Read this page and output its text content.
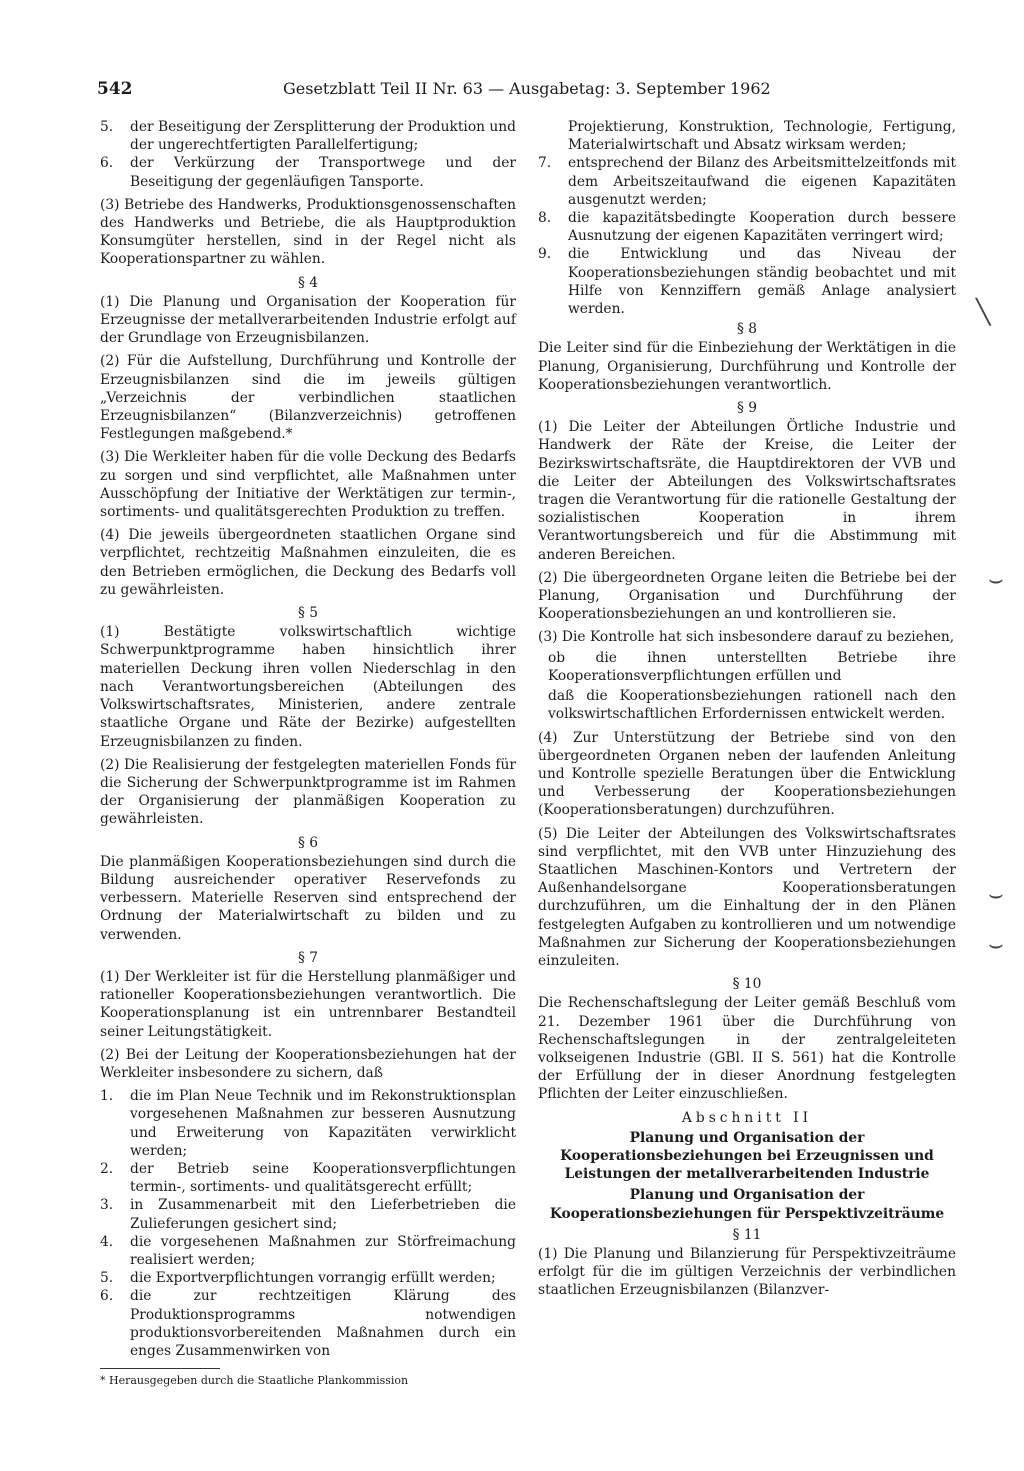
542	Gesetzblatt Teil II Nr. 63 — Ausgabetag: 3. September 1962
5.	der Beseitigung der Zersplitterung der Produktion und der ungerechtfertigten Parallelfertigung;
6.	der Verkürzung der Transportwege und der Beseitigung der gegenläufigen Tansporte.

(3) Betriebe des Handwerks, Produktionsgenossenschaften des Handwerks und Betriebe, die als Hauptproduktion Konsumgüter herstellen, sind in der Regel nicht als Kooperationspartner zu wählen.

§ 4

(1) Die Planung und Organisation der Kooperation für Erzeugnisse der metallverarbeitenden Industrie erfolgt auf der Grundlage von Erzeugnisbilanzen.

(2) Für die Aufstellung, Durchführung und Kontrolle der Erzeugnisbilanzen sind die im jeweils gültigen „Verzeichnis der verbindlichen staatlichen Erzeugnisbilanzen“ (Bilanzverzeichnis) getroffenen Festlegungen maßgebend.*

(3) Die Werkleiter haben für die volle Deckung des Bedarfs zu sorgen und sind verpflichtet, alle Maßnahmen unter Ausschöpfung der Initiative der Werktätigen zur termin-, sortiments- und qualitätsgerechten Produktion zu treffen.

(4) Die jeweils übergeordneten staatlichen Organe sind verpflichtet, rechtzeitig Maßnahmen einzuleiten, die es den Betrieben ermöglichen, die Deckung des Bedarfs voll zu gewährleisten.

§ 5

(1) Bestätigte volkswirtschaftlich wichtige Schwerpunktprogramme haben hinsichtlich ihrer materiellen Deckung ihren vollen Niederschlag in den nach Verantwortungsbereichen (Abteilungen des Volkswirtschaftsrates, Ministerien, andere zentrale staatliche Organe und Räte der Bezirke) aufgestellten Erzeugnisbilanzen zu finden.

(2) Die Realisierung der festgelegten materiellen Fonds für die Sicherung der Schwerpunktprogramme ist im Rahmen der Organisierung der planmäßigen Kooperation zu gewährleisten.

§ 6

Die planmäßigen Kooperationsbeziehungen sind durch die Bildung ausreichender operativer Reservefonds zu verbessern. Materielle Reserven sind entsprechend der Ordnung der Materialwirtschaft zu bilden und zu verwenden.

§ 7

(1) Der Werkleiter ist für die Herstellung planmäßiger und rationeller Kooperationsbeziehungen verantwortlich. Die Kooperationsplanung ist ein untrennbarer Bestandteil seiner Leitungstätigkeit.

(2) Bei der Leitung der Kooperationsbeziehungen hat der Werkleiter insbesondere zu sichern, daß

1.	die im Plan Neue Technik und im Rekonstruktionsplan vorgesehenen Maßnahmen zur besseren Ausnutzung und Erweiterung von Kapazitäten verwirklicht werden;
2.	der Betrieb seine Kooperationsverpflichtungen termin-, sortiments- und qualitätsgerecht erfüllt;
3.	in Zusammenarbeit mit den Lieferbetrieben die Zulieferungen gesichert sind;
4.	die vorgesehenen Maßnahmen zur Störfreimachung realisiert werden;
5.	die Exportverpflichtungen vorrangig erfüllt werden;
6.	die zur rechtzeitigen Klärung des Produktionsprogramms notwendigen produktionsvorbereitenden Maßnahmen durch ein enges Zusammenwirken von
* Herausgegeben durch die Staatliche Plankommission
Projektierung, Konstruktion, Technologie, Fertigung, Materialwirtschaft und Absatz wirksam werden;
7.	entsprechend der Bilanz des Arbeitsmittelzeitfonds mit dem Arbeitszeitaufwand die eigenen Kapazitäten ausgenutzt werden;
8.	die kapazitätsbedingte Kooperation durch bessere Ausnutzung der eigenen Kapazitäten verringert wird;
9.	die Entwicklung und das Niveau der Kooperationsbeziehungen ständig beobachtet und mit Hilfe von Kennziffern gemäß Anlage analysiert werden.
§ 8

Die Leiter sind für die Einbeziehung der Werktätigen in die Planung, Organisierung, Durchführung und Kontrolle der Kooperationsbeziehungen verantwortlich.

§ 9

(1) Die Leiter der Abteilungen Örtliche Industrie und Handwerk der Räte der Kreise, die Leiter der Bezirkswirtschaftsräte, die Hauptdirektoren der VVB und die Leiter der Abteilungen des Volkswirtschaftsrates tragen die Verantwortung für die rationelle Gestaltung der sozialistischen Kooperation in ihrem Verantwortungsbereich und für die Abstimmung mit anderen Bereichen.

(2) Die übergeordneten Organe leiten die Betriebe bei der Planung, Organisation und Durchführung der Kooperationsbeziehungen an und kontrollieren sie.

(3) Die Kontrolle hat sich insbesondere darauf zu beziehen,

ob die ihnen unterstellten Betriebe ihre Kooperationsverpflichtungen erfüllen und

daß die Kooperationsbeziehungen rationell nach den volkswirtschaftlichen Erfordernissen entwickelt werden.

(4) Zur Unterstützung der Betriebe sind von den übergeordneten Organen neben der laufenden Anleitung und Kontrolle spezielle Beratungen über die Entwicklung und Verbesserung der Kooperationsbeziehungen (Kooperationsberatungen) durchzuführen.

(5) Die Leiter der Abteilungen des Volkswirtschaftsrates sind verpflichtet, mit den VVB unter Hinzuziehung des Staatlichen Maschinen-Kontors und Vertretern der Außenhandelsorgane Kooperationsberatungen durchzuführen, um die Einhaltung der in den Plänen festgelegten Aufgaben zu kontrollieren und um notwendige Maßnahmen zur Sicherung der Kooperationsbeziehungen einzuleiten.

§ 10

Die Rechenschaftslegung der Leiter gemäß Beschluß vom 21. Dezember 1961 über die Durchführung von Rechenschaftslegungen in der zentralgeleiteten volkseigenen Industrie (GBl. II S. 561) hat die Kontrolle der Erfüllung der in dieser Anordnung festgelegten Pflichten der Leiter einzuschließen.

Abschnitt II
Planung und Organisation der Kooperationsbeziehungen bei Erzeugnissen und Leistungen der metallverarbeitenden Industrie
Planung und Organisation der Kooperationsbeziehungen für Perspektivzeiträume
§ 11

(1) Die Planung und Bilanzierung für Perspektivzeiträume erfolgt für die im gültigen Verzeichnis der verbindlichen staatlichen Erzeugnisbilanzen (Bilanzver-

╲
⌣
⌣
⌣
